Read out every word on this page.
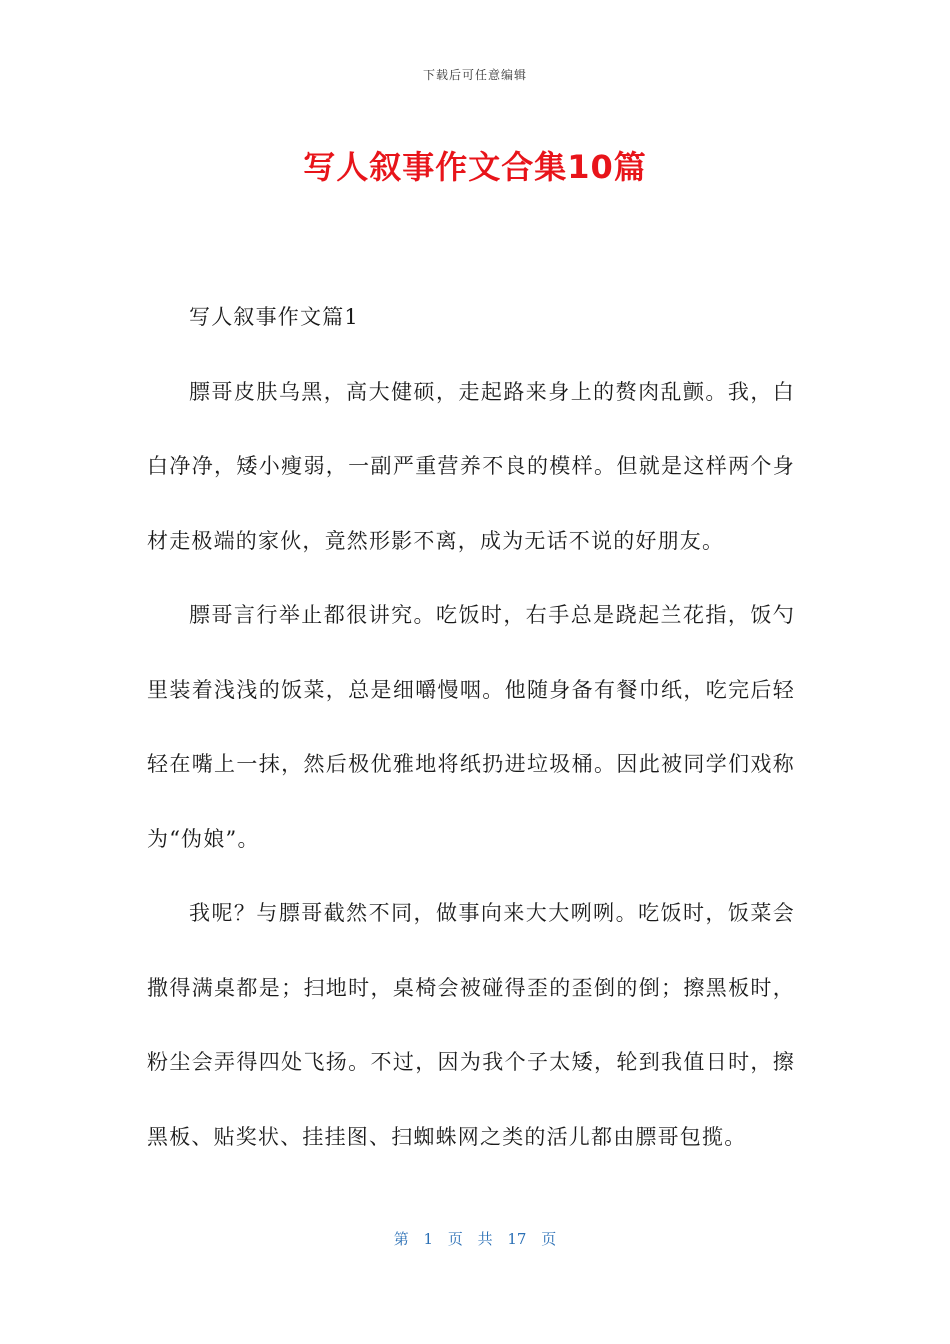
下载后可任意编辑
写人叙事作文合集10篇

写人叙事作文篇1

膘哥皮肤乌黑，高大健硕，走起路来身上的赘肉乱颤。我，白白净净，矮小瘦弱，一副严重营养不良的模样。但就是这样两个身材走极端的家伙，竟然形影不离，成为无话不说的好朋友。

膘哥言行举止都很讲究。吃饭时，右手总是跷起兰花指，饭勺里装着浅浅的饭菜，总是细嚼慢咽。他随身备有餐巾纸，吃完后轻轻在嘴上一抹，然后极优雅地将纸扔进垃圾桶。因此被同学们戏称为“伪娘”。

我呢？与膘哥截然不同，做事向来大大咧咧。吃饭时，饭菜会撒得满桌都是；扫地时，桌椅会被碰得歪的歪倒的倒；擦黑板时，粉尘会弄得四处飞扬。不过，因为我个子太矮，轮到我值日时，擦黑板、贴奖状、挂挂图、扫蜘蛛网之类的活儿都由膘哥包揽。

第 1 页 共 17 页
